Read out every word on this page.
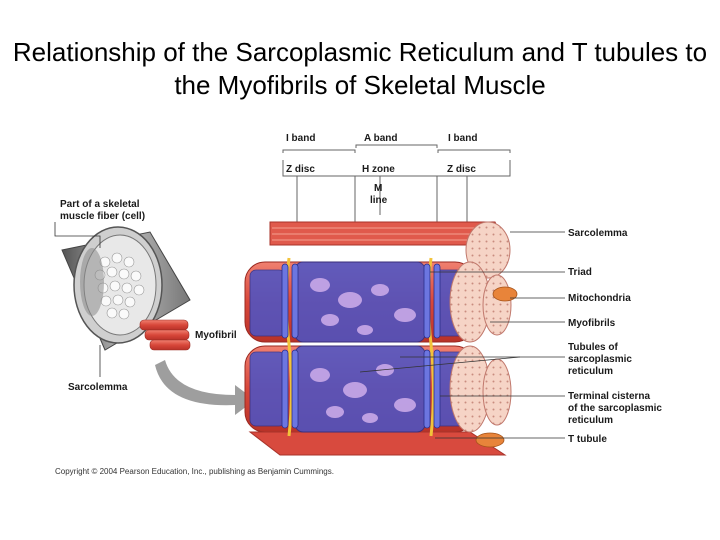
Relationship of the Sarcoplasmic Reticulum and T tubules to the Myofibrils of Skeletal Muscle
I band	A band	I band
Z disc	H zone	Z disc
M
line
Part of a skeletal
muscle fiber (cell)
Myofibril
Sarcolemma
Sarcolemma
Triad
Mitochondria
Myofibrils
Tubules of
sarcoplasmic
reticulum
Terminal cisterna
of the sarcoplasmic
reticulum
T tubule
Copyright © 2004 Pearson Education, Inc., publishing as Benjamin Cummings.
